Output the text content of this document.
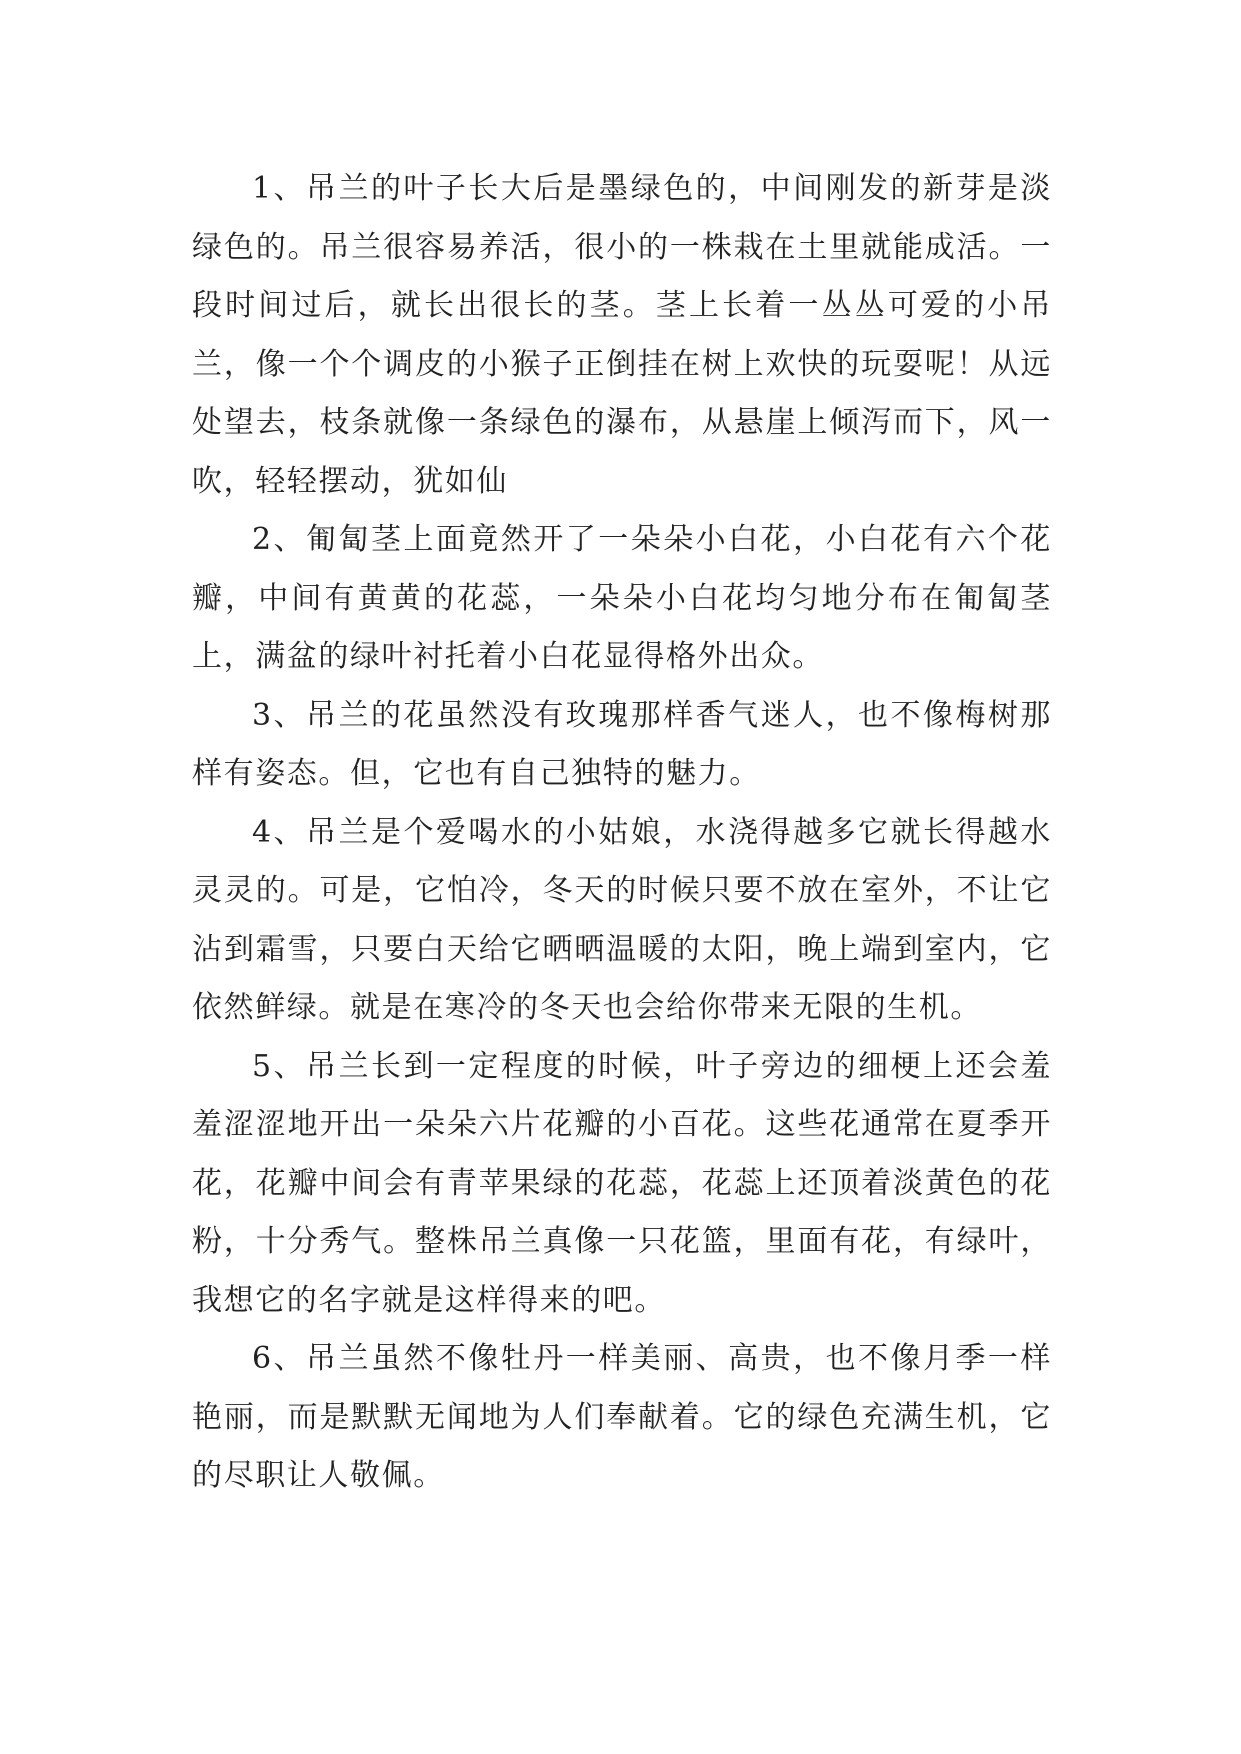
1、吊兰的叶子长大后是墨绿色的，中间刚发的新芽是淡绿色的。吊兰很容易养活，很小的一株栽在土里就能成活。一段时间过后，就长出很长的茎。茎上长着一丛丛可爱的小吊兰，像一个个调皮的小猴子正倒挂在树上欢快的玩耍呢！从远处望去，枝条就像一条绿色的瀑布，从悬崖上倾泻而下，风一吹，轻轻摆动，犹如仙

2、匍匐茎上面竟然开了一朵朵小白花，小白花有六个花瓣，中间有黄黄的花蕊，一朵朵小白花均匀地分布在匍匐茎上，满盆的绿叶衬托着小白花显得格外出众。

3、吊兰的花虽然没有玫瑰那样香气迷人，也不像梅树那样有姿态。但，它也有自己独特的魅力。

4、吊兰是个爱喝水的小姑娘，水浇得越多它就长得越水灵灵的。可是，它怕冷，冬天的时候只要不放在室外，不让它沾到霜雪，只要白天给它晒晒温暖的太阳，晚上端到室内，它依然鲜绿。就是在寒冷的冬天也会给你带来无限的生机。

5、吊兰长到一定程度的时候，叶子旁边的细梗上还会羞羞涩涩地开出一朵朵六片花瓣的小百花。这些花通常在夏季开花，花瓣中间会有青苹果绿的花蕊，花蕊上还顶着淡黄色的花粉，十分秀气。整株吊兰真像一只花篮，里面有花，有绿叶，我想它的名字就是这样得来的吧。

6、吊兰虽然不像牡丹一样美丽、高贵，也不像月季一样艳丽，而是默默无闻地为人们奉献着。它的绿色充满生机，它的尽职让人敬佩。
